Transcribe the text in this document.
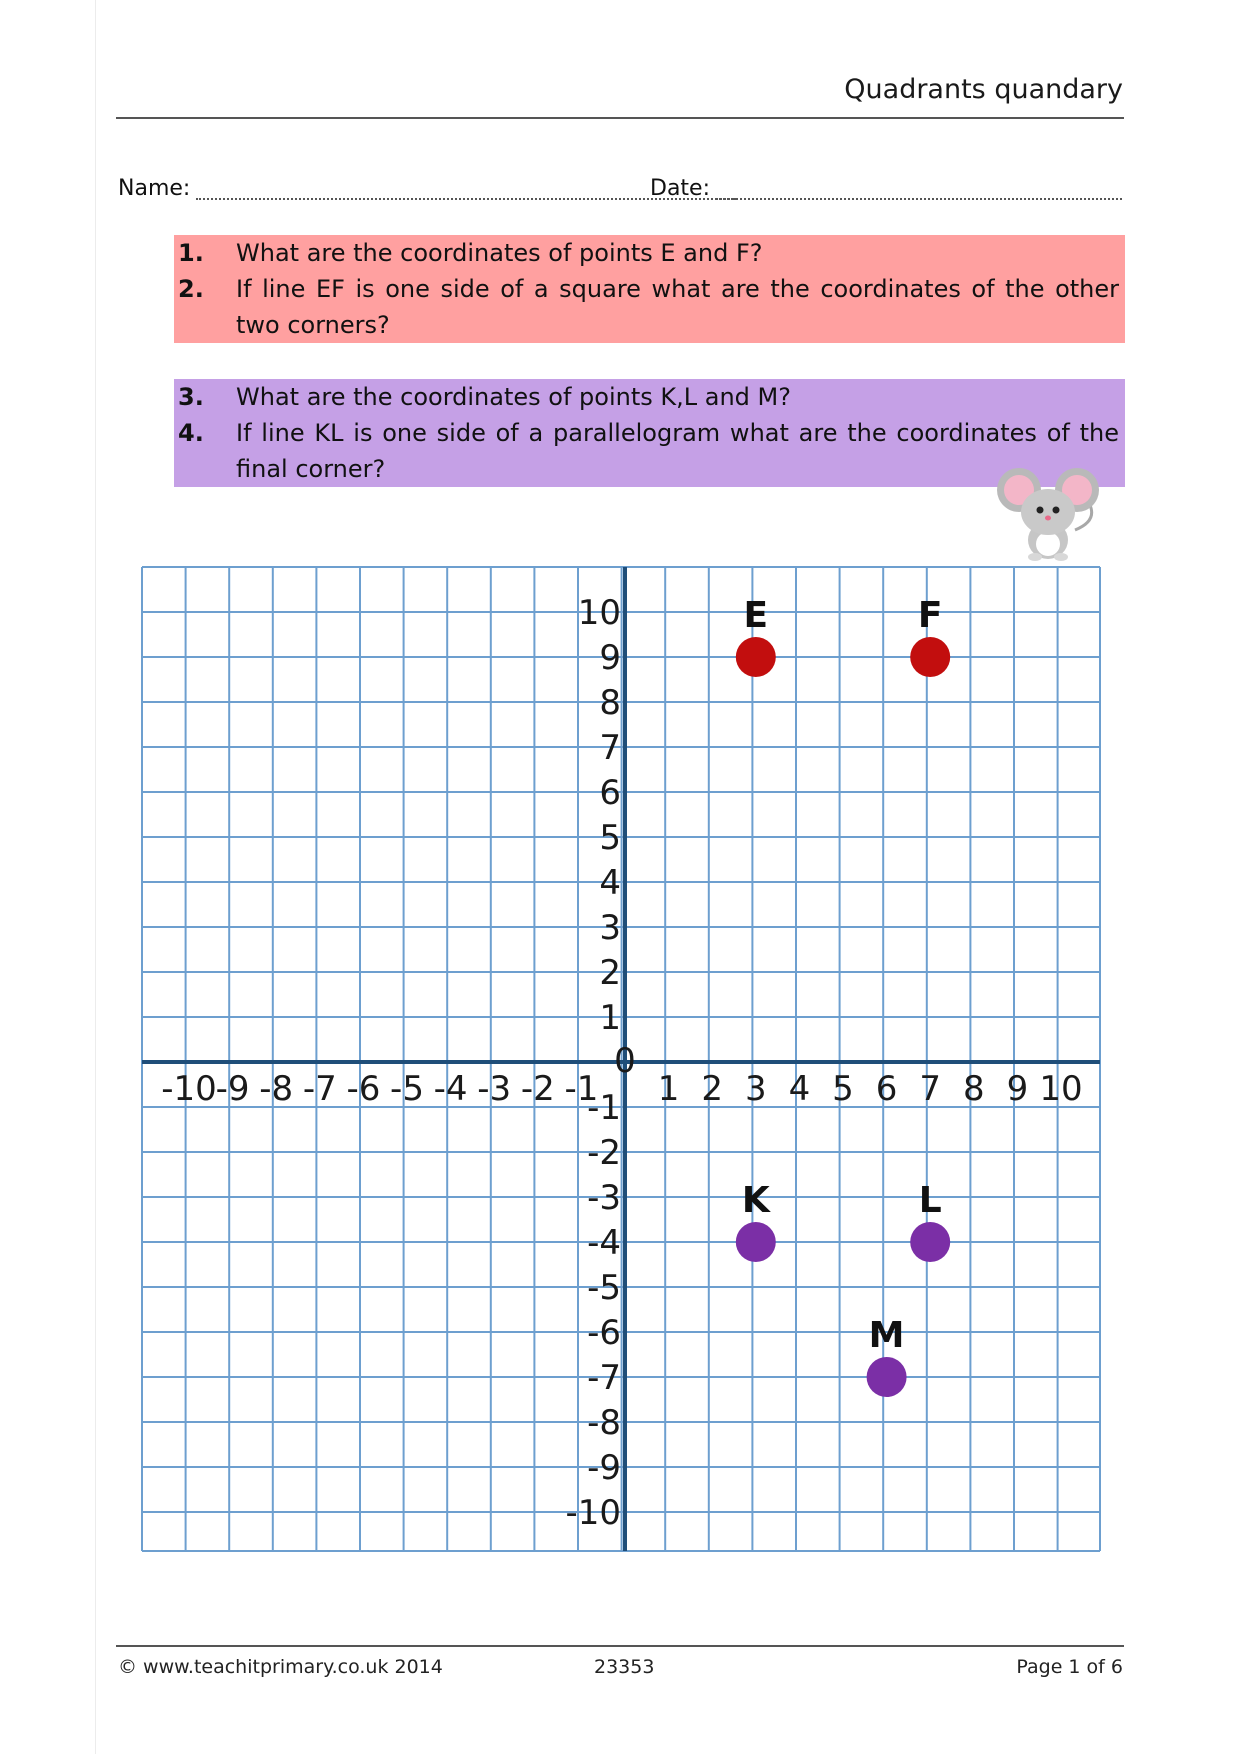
Quadrants quandary
Name:	Date:
1. What are the coordinates of points E and F?
2. If line EF is one side of a square what are the coordinates of the other two corners?
3. What are the coordinates of points K,L and M?
4. If line KL is one side of a parallelogram what are the coordinates of the final corner?
-10
-9 -8 -7 -6 -5 -4 -3 -2 -1 1 2 3 4 5 6 7 8 9 10
10
9
8
7
6
5
4
3
2
1
-1
-2
-3
-4
-5
-6
-7
-8
-9
-10
0
E	F
K	L
M
© www.teachitprimary.co.uk 2014	23353	Page 1 of 6
